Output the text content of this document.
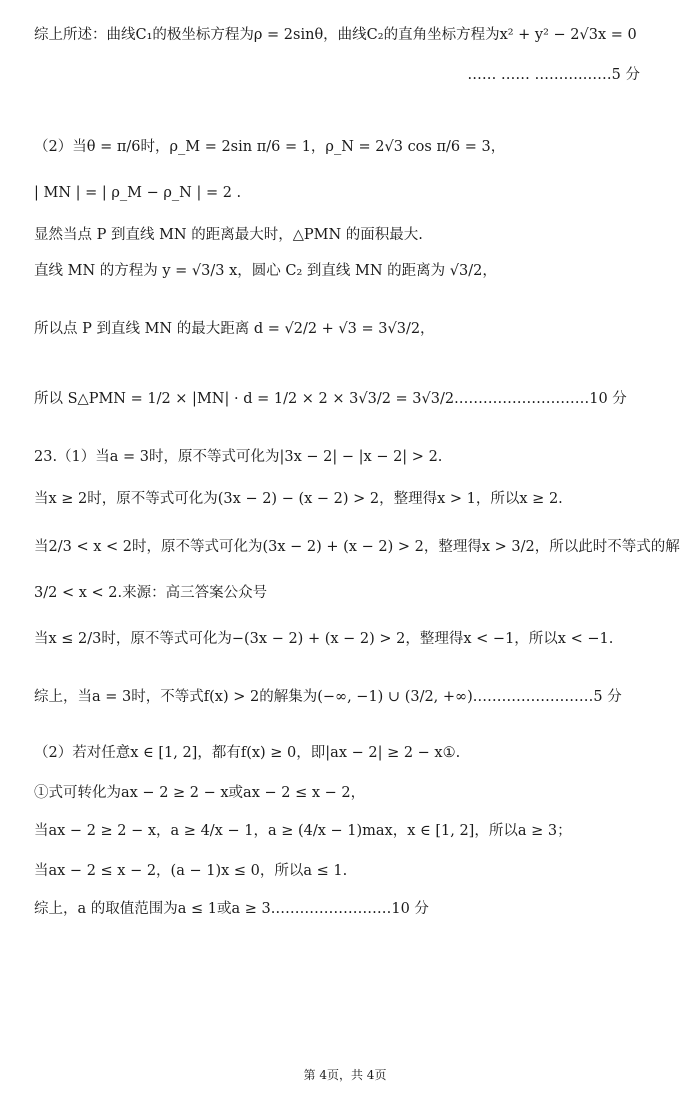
综上所述：曲线C₁的极坐标方程为ρ = 2sinθ，曲线C₂的直角坐标方程为x² + y² − 2√3x = 0
…… …… ……….……5 分
（2）当θ = π/6时，ρ_M = 2sin π/6 = 1，ρ_N = 2√3 cos π/6 = 3，
| MN | = | ρ_M − ρ_N | = 2 .
显然当点 P 到直线 MN 的距离最大时，△PMN 的面积最大.
直线 MN 的方程为 y = √3/3 x，圆心 C₂ 到直线 MN 的距离为 √3/2，
所以点 P 到直线 MN 的最大距离 d = √2/2 + √3 = 3√3/2，
所以 S△PMN = 1/2 × |MN| · d = 1/2 × 2 × 3√3/2 = 3√3/2.………………………10 分
23.（1）当a = 3时，原不等式可化为|3x − 2| − |x − 2| > 2.
当x ≥ 2时，原不等式可化为(3x − 2) − (x − 2) > 2，整理得x > 1，所以x ≥ 2.
当2/3 < x < 2时，原不等式可化为(3x − 2) + (x − 2) > 2，整理得x > 3/2，所以此时不等式的解
3/2 < x < 2.来源：高三答案公众号
当x ≤ 2/3时，原不等式可化为−(3x − 2) + (x − 2) > 2，整理得x < −1，所以x < −1.
综上，当a = 3时，不等式f(x) > 2的解集为(−∞, −1) ∪ (3/2, +∞).……………………5 分
（2）若对任意x ∈ [1, 2]，都有f(x) ≥ 0，即|ax − 2| ≥ 2 − x①.
①式可转化为ax − 2 ≥ 2 − x或ax − 2 ≤ x − 2，
当ax − 2 ≥ 2 − x，a ≥ 4/x − 1，a ≥ (4/x − 1)max，x ∈ [1, 2]，所以a ≥ 3；
当ax − 2 ≤ x − 2，(a − 1)x ≤ 0，所以a ≤ 1.
综上，a 的取值范围为a ≤ 1或a ≥ 3.……………………10 分
第 4页，共 4页
